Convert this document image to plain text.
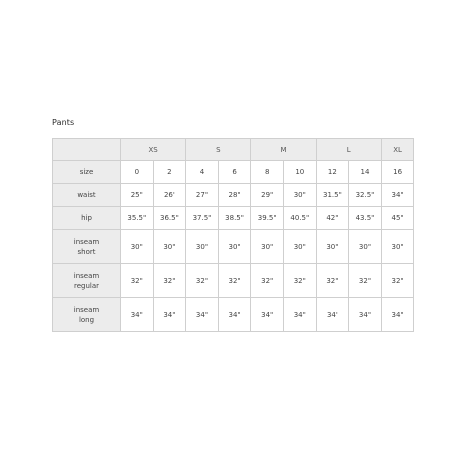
Pants
	XS		S		M		L		XL

size	0	2	4	6	8	10	12	14	16

waist	25"	26'	27"	28"	29"	30"	31.5"	32.5"	34"

hip	35.5"	36.5"	37.5"	38.5"	39.5"	40.5"	42"	43.5"	45"

inseam
short	30"	30"	30"	30"	30"	30"	30"	30"	30"

inseam
regular	32"	32"	32"	32"	32"	32"	32"	32"	32"

inseam
long	34"	34"	34"	34"	34"	34"	34'	34"	34"
